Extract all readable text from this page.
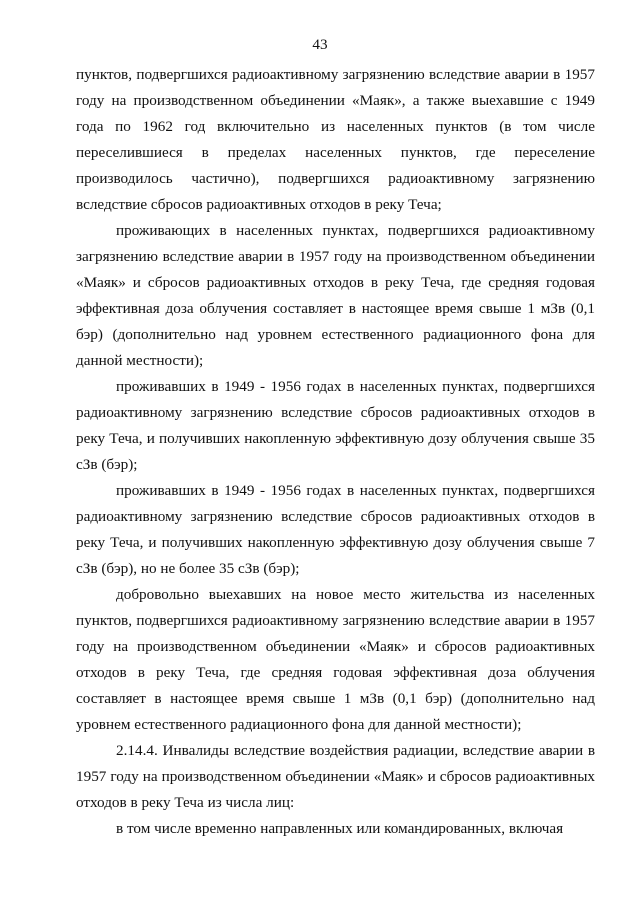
43

пунктов, подвергшихся радиоактивному загрязнению вследствие аварии в 1957 году на производственном объединении «Маяк», а также выехавшие с 1949 года по 1962 год включительно из населенных пунктов (в том числе переселившиеся в пределах населенных пунктов, где переселение производилось частично), подвергшихся радиоактивному загрязнению вследствие сбросов радиоактивных отходов в реку Теча;

проживающих в населенных пунктах, подвергшихся радиоактивному загрязнению вследствие аварии в 1957 году на производственном объединении «Маяк» и сбросов радиоактивных отходов в реку Теча, где средняя годовая эффективная доза облучения составляет в настоящее время свыше 1 мЗв (0,1 бэр) (дополнительно над уровнем естественного радиационного фона для данной местности);

проживавших в 1949 - 1956 годах в населенных пунктах, подвергшихся радиоактивному загрязнению вследствие сбросов радиоактивных отходов в реку Теча, и получивших накопленную эффективную дозу облучения свыше 35 сЗв (бэр);

проживавших в 1949 - 1956 годах в населенных пунктах, подвергшихся радиоактивному загрязнению вследствие сбросов радиоактивных отходов в реку Теча, и получивших накопленную эффективную дозу облучения свыше 7 сЗв (бэр), но не более 35 сЗв (бэр);

добровольно выехавших на новое место жительства из населенных пунктов, подвергшихся радиоактивному загрязнению вследствие аварии в 1957 году на производственном объединении «Маяк» и сбросов радиоактивных отходов в реку Теча, где средняя годовая эффективная доза облучения составляет в настоящее время свыше 1 мЗв (0,1 бэр) (дополнительно над уровнем естественного радиационного фона для данной местности);

2.14.4. Инвалиды вследствие воздействия радиации, вследствие аварии в 1957 году на производственном объединении «Маяк» и сбросов радиоактивных отходов в реку Теча из числа лиц:

в том числе временно направленных или командированных, включая
